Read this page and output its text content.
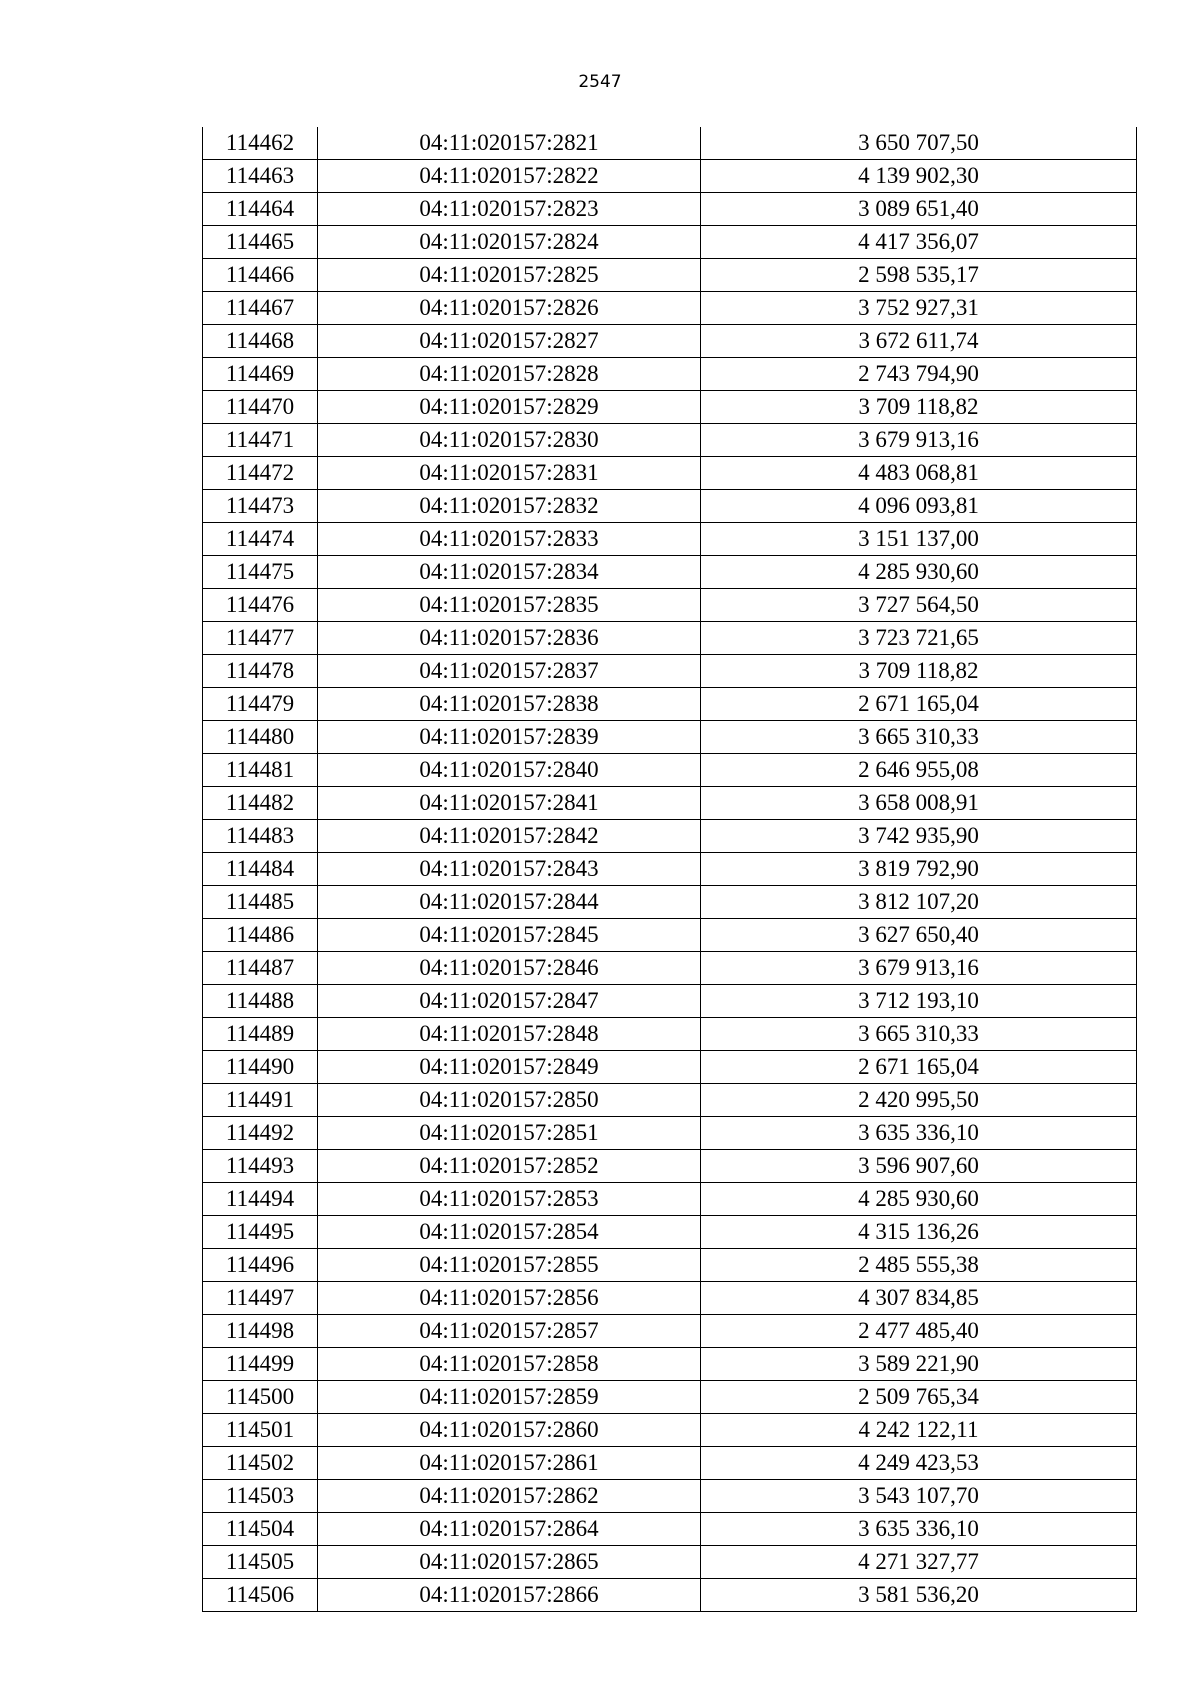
2547
114462	04:11:020157:2821	3 650 707,50
114463	04:11:020157:2822	4 139 902,30
114464	04:11:020157:2823	3 089 651,40
114465	04:11:020157:2824	4 417 356,07
114466	04:11:020157:2825	2 598 535,17
114467	04:11:020157:2826	3 752 927,31
114468	04:11:020157:2827	3 672 611,74
114469	04:11:020157:2828	2 743 794,90
114470	04:11:020157:2829	3 709 118,82
114471	04:11:020157:2830	3 679 913,16
114472	04:11:020157:2831	4 483 068,81
114473	04:11:020157:2832	4 096 093,81
114474	04:11:020157:2833	3 151 137,00
114475	04:11:020157:2834	4 285 930,60
114476	04:11:020157:2835	3 727 564,50
114477	04:11:020157:2836	3 723 721,65
114478	04:11:020157:2837	3 709 118,82
114479	04:11:020157:2838	2 671 165,04
114480	04:11:020157:2839	3 665 310,33
114481	04:11:020157:2840	2 646 955,08
114482	04:11:020157:2841	3 658 008,91
114483	04:11:020157:2842	3 742 935,90
114484	04:11:020157:2843	3 819 792,90
114485	04:11:020157:2844	3 812 107,20
114486	04:11:020157:2845	3 627 650,40
114487	04:11:020157:2846	3 679 913,16
114488	04:11:020157:2847	3 712 193,10
114489	04:11:020157:2848	3 665 310,33
114490	04:11:020157:2849	2 671 165,04
114491	04:11:020157:2850	2 420 995,50
114492	04:11:020157:2851	3 635 336,10
114493	04:11:020157:2852	3 596 907,60
114494	04:11:020157:2853	4 285 930,60
114495	04:11:020157:2854	4 315 136,26
114496	04:11:020157:2855	2 485 555,38
114497	04:11:020157:2856	4 307 834,85
114498	04:11:020157:2857	2 477 485,40
114499	04:11:020157:2858	3 589 221,90
114500	04:11:020157:2859	2 509 765,34
114501	04:11:020157:2860	4 242 122,11
114502	04:11:020157:2861	4 249 423,53
114503	04:11:020157:2862	3 543 107,70
114504	04:11:020157:2864	3 635 336,10
114505	04:11:020157:2865	4 271 327,77
114506	04:11:020157:2866	3 581 536,20
